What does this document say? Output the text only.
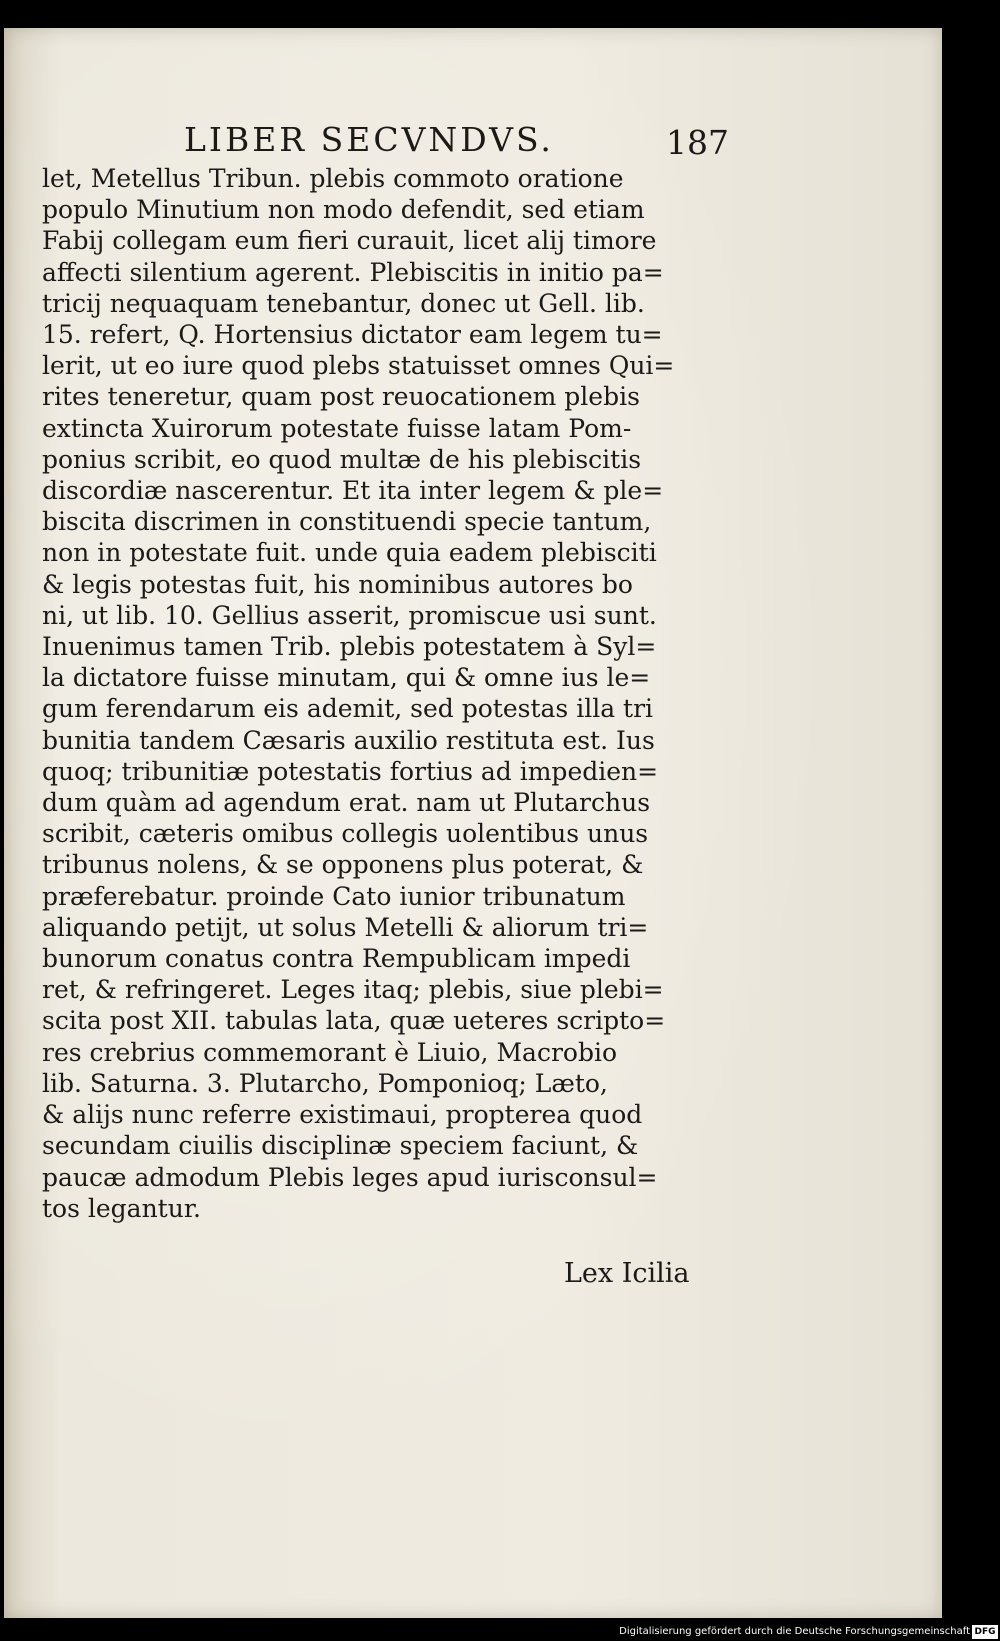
LIBER SECVNDVS.	187
let, Metellus Tribun. plebis commoto oratione
populo Minutium non modo defendit, sed etiam
Fabij collegam eum fieri curauit, licet alij timore
affecti silentium agerent. Plebiscitis in initio pa=
tricij nequaquam tenebantur, donec ut Gell. lib.
15. refert, Q. Hortensius dictator eam legem tu=
lerit, ut eo iure quod plebs statuisset omnes Qui=
rites teneretur, quam post reuocationem plebis
extincta Xuirorum potestate fuisse latam Pom-
ponius scribit, eo quod multæ de his plebiscitis
discordiæ nascerentur. Et ita inter legem & ple=
biscita discrimen in constituendi specie tantum,
non in potestate fuit. unde quia eadem plebisciti
& legis potestas fuit, his nominibus autores bo
ni, ut lib. 10. Gellius asserit, promiscue usi sunt.
Inuenimus tamen Trib. plebis potestatem à Syl=
la dictatore fuisse minutam, qui & omne ius le=
gum ferendarum eis ademit, sed potestas illa tri
bunitia tandem Cæsaris auxilio restituta est. Ius
quoq; tribunitiæ potestatis fortius ad impedien=
dum quàm ad agendum erat. nam ut Plutarchus
scribit, cæteris omibus collegis uolentibus unus
tribunus nolens, & se opponens plus poterat, &
præferebatur. proinde Cato iunior tribunatum
aliquando petijt, ut solus Metelli & aliorum tri=
bunorum conatus contra Rempublicam impedi
ret, & refringeret. Leges itaq; plebis, siue plebi=
scita post XII. tabulas lata, quæ ueteres scripto=
res crebrius commemorant è Liuio, Macrobio
lib. Saturna. 3. Plutarcho, Pomponioq; Læto,
& alijs nunc referre existimaui, propterea quod
secundam ciuilis disciplinæ speciem faciunt, &
paucæ admodum Plebis leges apud iurisconsul=
tos legantur.
Lex Icilia
Digitalisierung gefördert durch die Deutsche Forschungsgemeinschaft DFG
